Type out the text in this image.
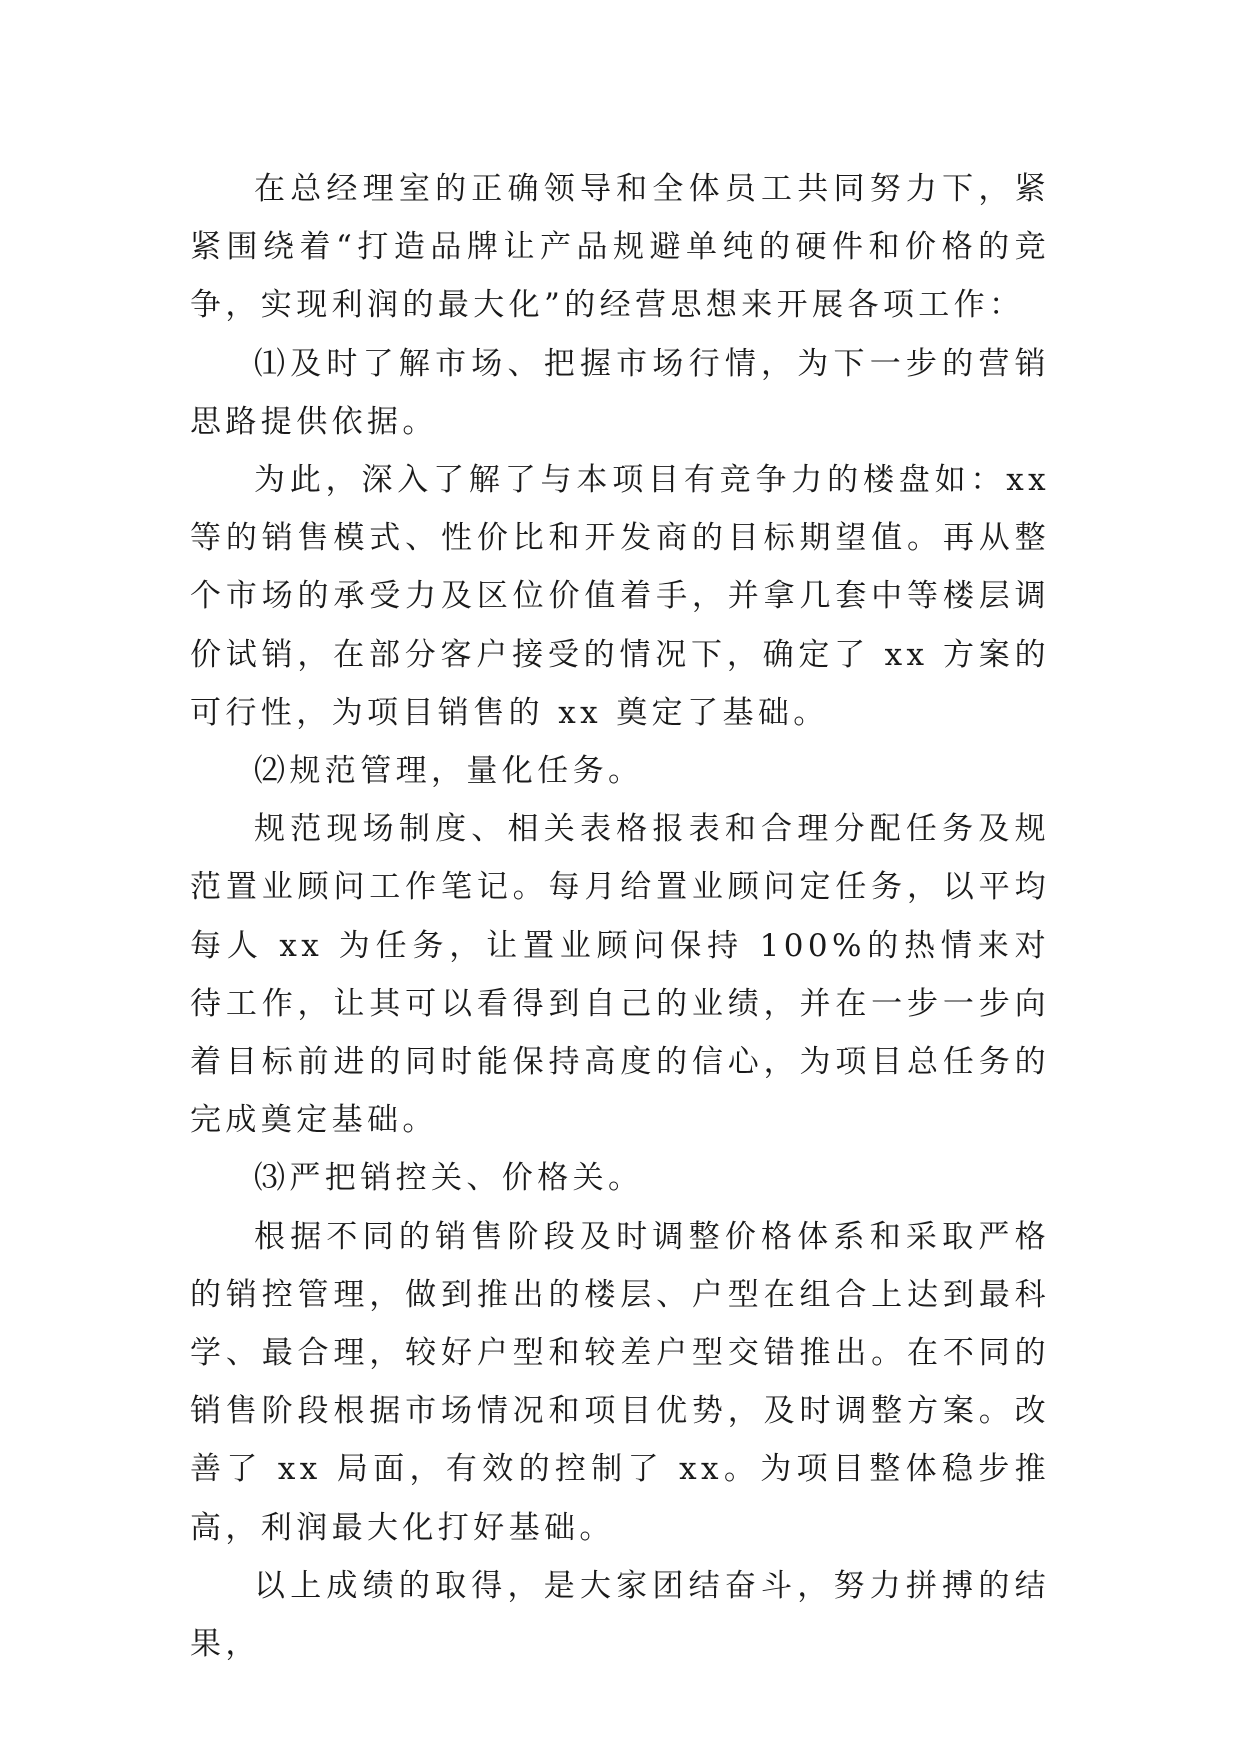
在总经理室的正确领导和全体员工共同努力下，紧紧围绕着“打造品牌让产品规避单纯的硬件和价格的竞争，实现利润的最大化”的经营思想来开展各项工作：

⑴及时了解市场、把握市场行情，为下一步的营销思路提供依据。

为此，深入了解了与本项目有竞争力的楼盘如：xx 等的销售模式、性价比和开发商的目标期望值。再从整个市场的承受力及区位价值着手，并拿几套中等楼层调价试销，在部分客户接受的情况下，确定了 xx 方案的可行性，为项目销售的 xx 奠定了基础。

⑵规范管理，量化任务。

规范现场制度、相关表格报表和合理分配任务及规范置业顾问工作笔记。每月给置业顾问定任务，以平均每人 xx 为任务，让置业顾问保持 100%的热情来对待工作，让其可以看得到自己的业绩，并在一步一步向着目标前进的同时能保持高度的信心，为项目总任务的完成奠定基础。

⑶严把销控关、价格关。

根据不同的销售阶段及时调整价格体系和采取严格的销控管理，做到推出的楼层、户型在组合上达到最科学、最合理，较好户型和较差户型交错推出。在不同的销售阶段根据市场情况和项目优势，及时调整方案。改善了 xx 局面，有效的控制了 xx。为项目整体稳步推高，利润最大化打好基础。

以上成绩的取得，是大家团结奋斗，努力拼搏的结果，
